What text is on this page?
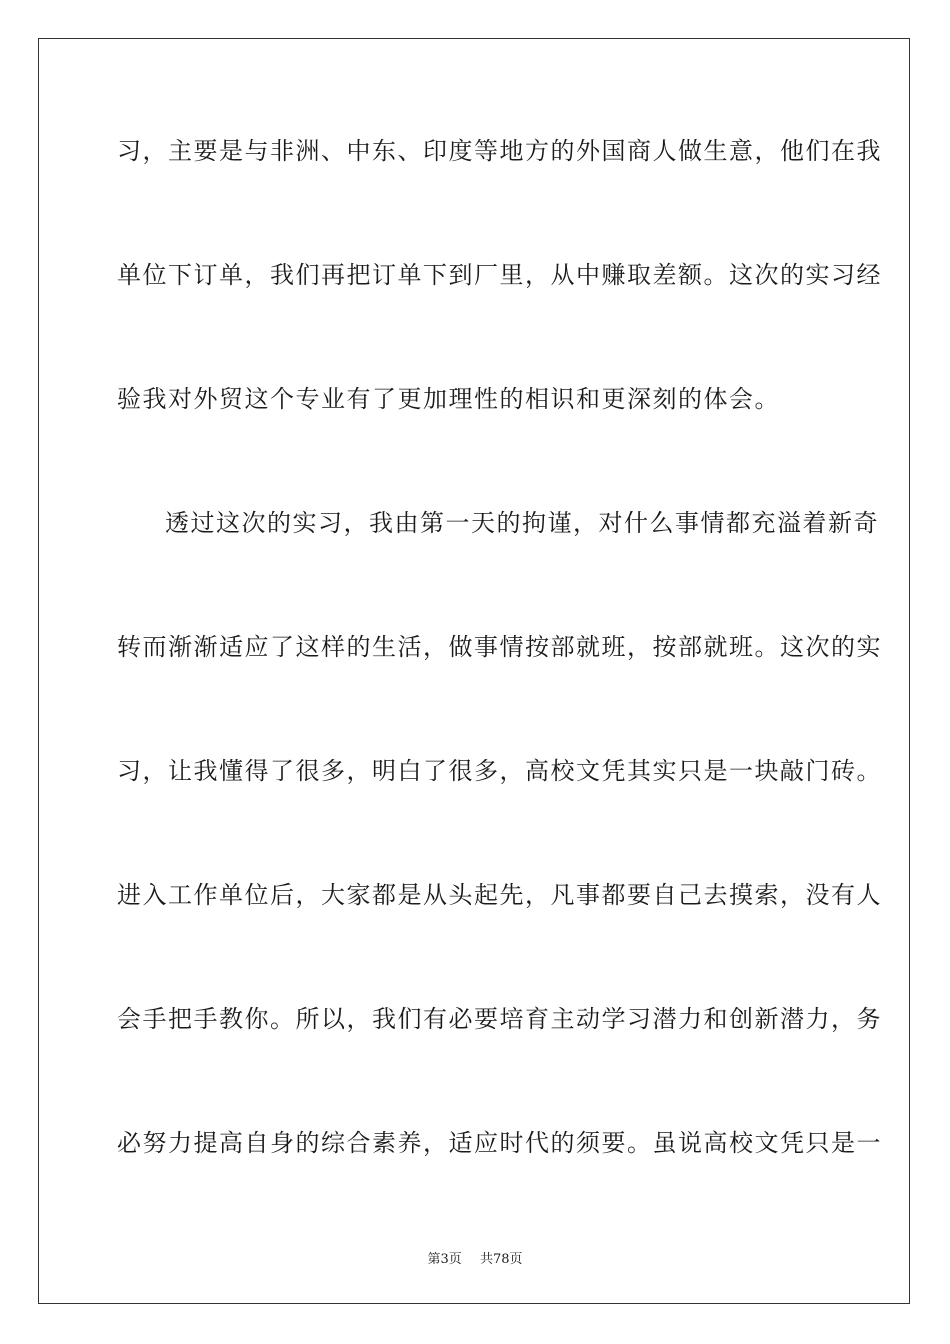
习，主要是与非洲、中东、印度等地方的外国商人做生意，他们在我
单位下订单，我们再把订单下到厂里，从中赚取差额。这次的实习经
验我对外贸这个专业有了更加理性的相识和更深刻的体会。
透过这次的实习，我由第一天的拘谨，对什么事情都充溢着新奇
转而渐渐适应了这样的生活，做事情按部就班，按部就班。这次的实
习，让我懂得了很多，明白了很多，高校文凭其实只是一块敲门砖。
进入工作单位后，大家都是从头起先，凡事都要自己去摸索，没有人
会手把手教你。所以，我们有必要培育主动学习潜力和创新潜力，务
必努力提高自身的综合素养，适应时代的须要。虽说高校文凭只是一
第3页 共78页
